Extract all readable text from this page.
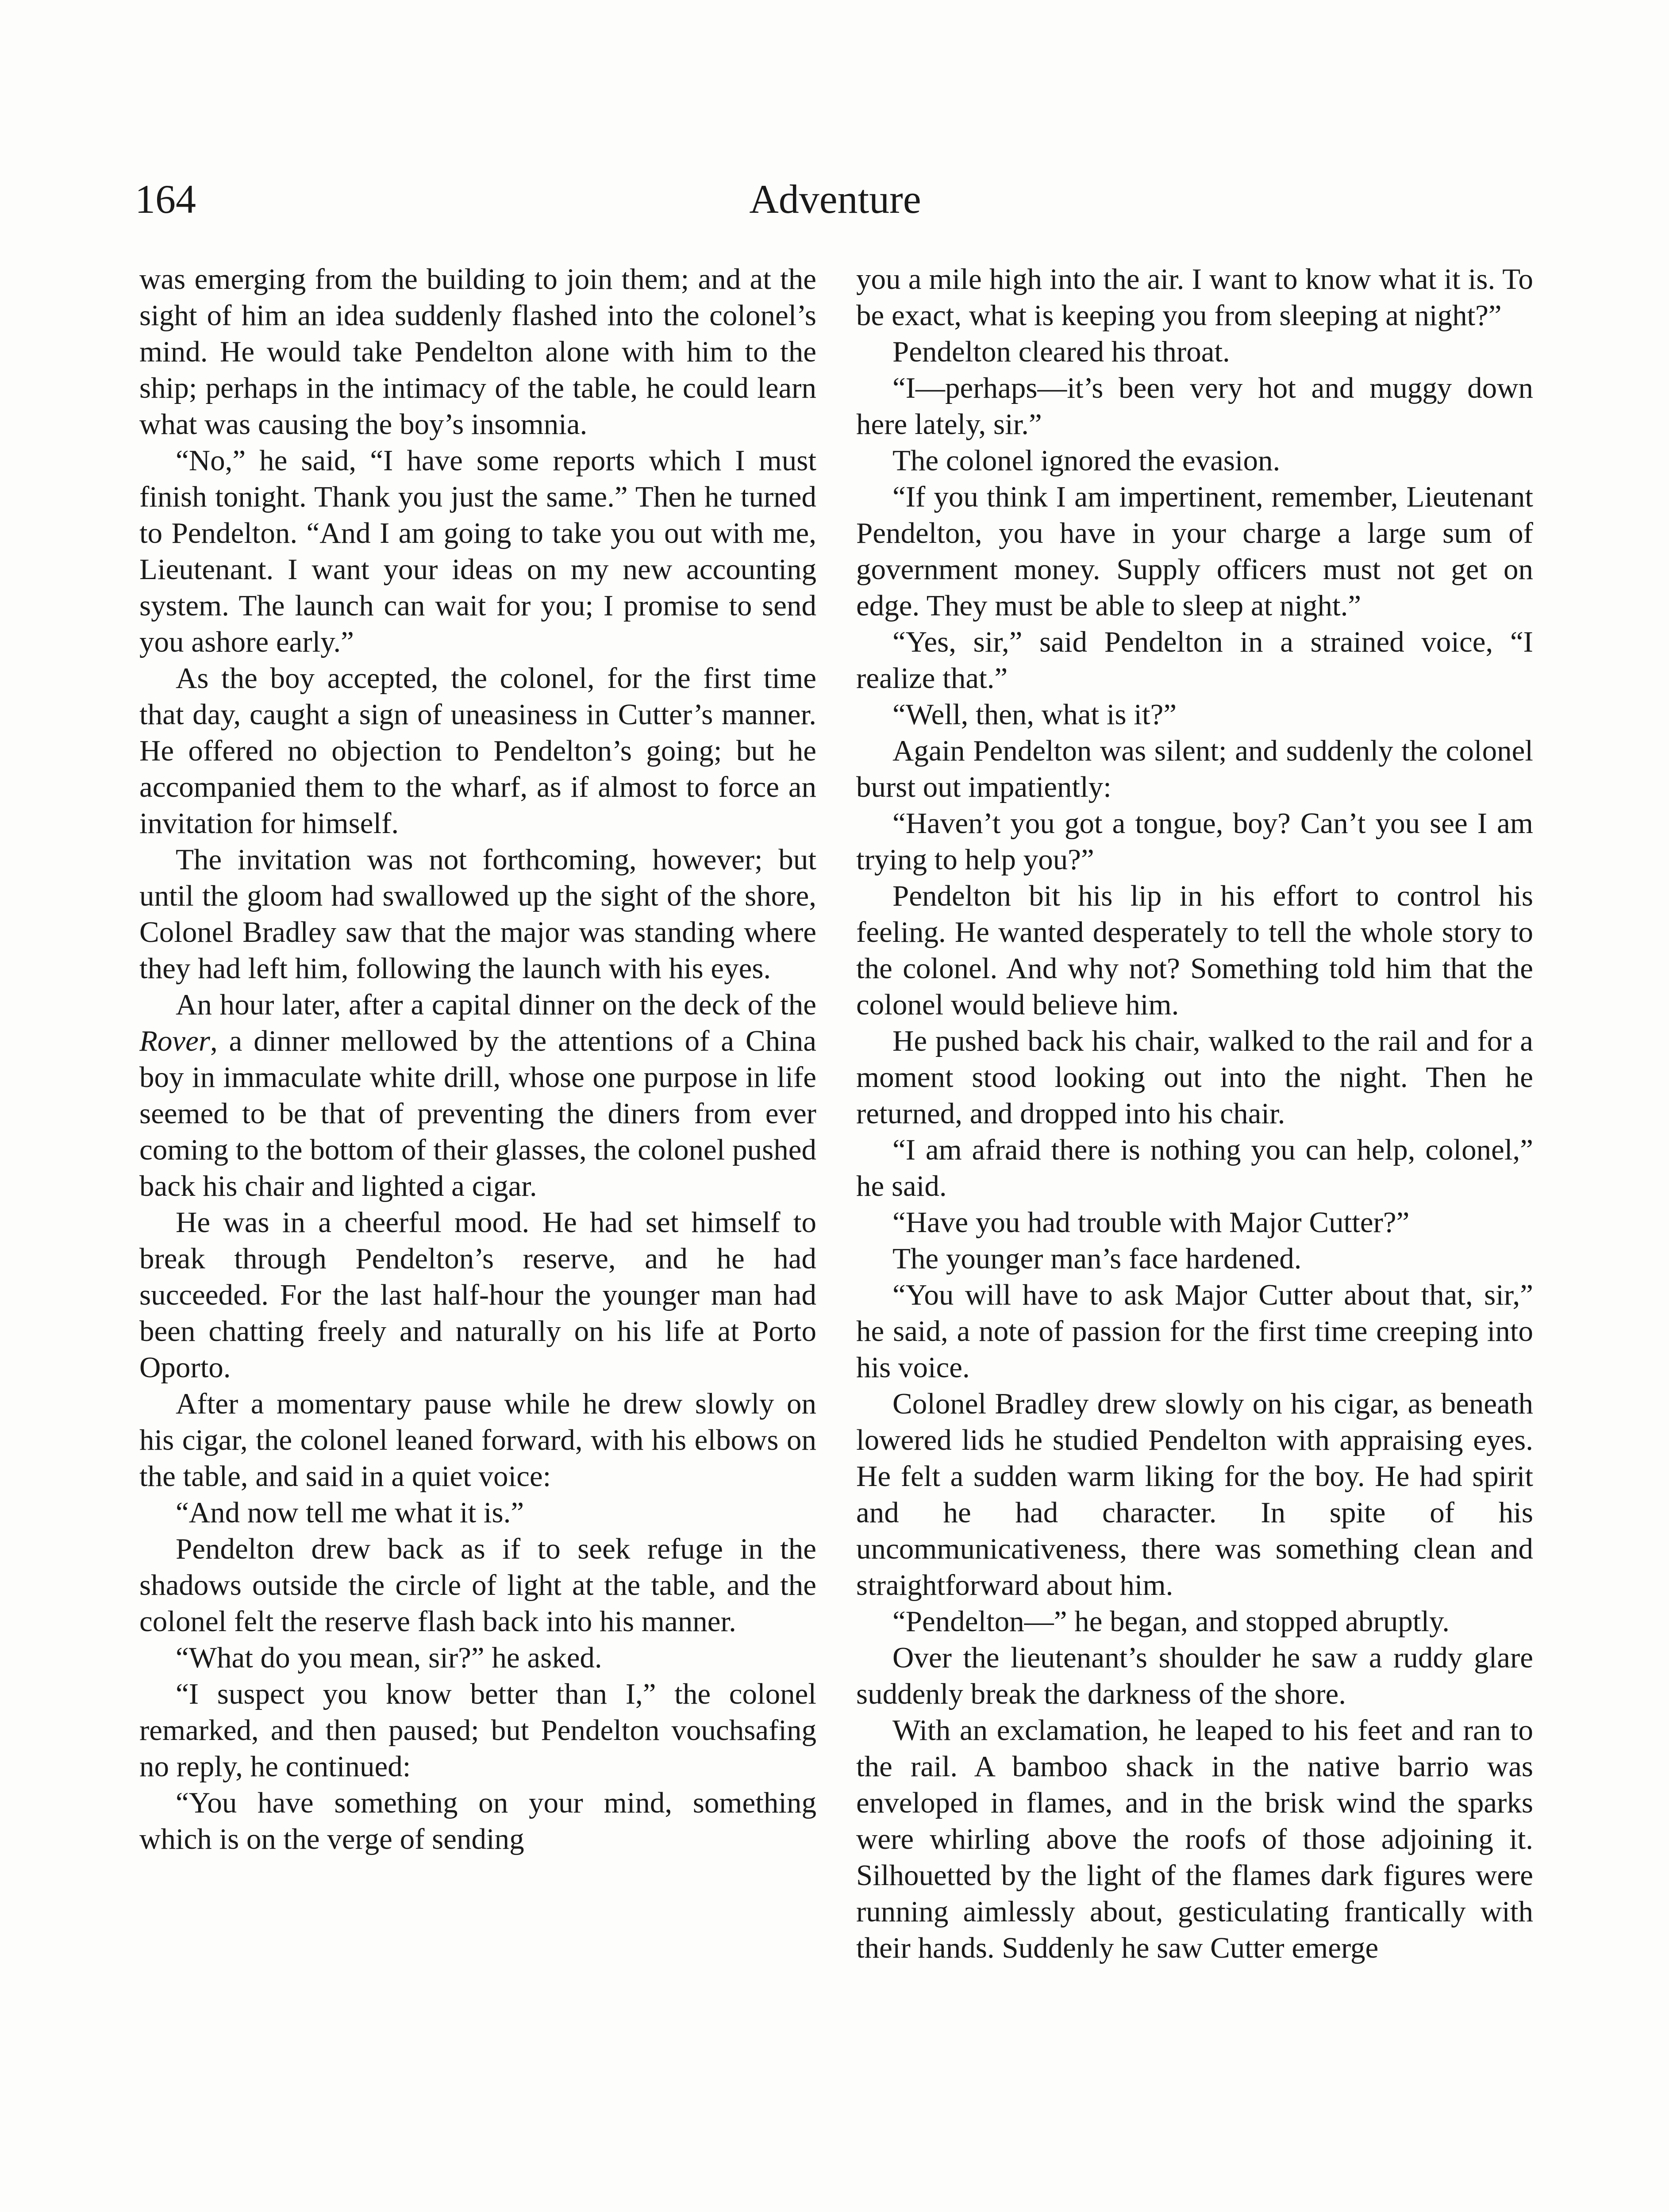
164	Adventure

was emerging from the building to join them; and at the sight of him an idea suddenly flashed into the colonel’s mind. He would take Pendelton alone with him to the ship; perhaps in the intimacy of the table, he could learn what was causing the boy’s insomnia.

“No,” he said, “I have some reports which I must finish tonight. Thank you just the same.” Then he turned to Pendelton. “And I am going to take you out with me, Lieutenant. I want your ideas on my new accounting system. The launch can wait for you; I promise to send you ashore early.”

As the boy accepted, the colonel, for the first time that day, caught a sign of uneasiness in Cutter’s manner. He offered no objection to Pendelton’s going; but he accompanied them to the wharf, as if almost to force an invitation for himself.

The invitation was not forthcoming, however; but until the gloom had swallowed up the sight of the shore, Colonel Bradley saw that the major was standing where they had left him, following the launch with his eyes.

An hour later, after a capital dinner on the deck of the Rover, a dinner mellowed by the attentions of a China boy in immaculate white drill, whose one purpose in life seemed to be that of preventing the diners from ever coming to the bottom of their glasses, the colonel pushed back his chair and lighted a cigar.

He was in a cheerful mood. He had set himself to break through Pendelton’s reserve, and he had succeeded. For the last half-hour the younger man had been chatting freely and naturally on his life at Porto Oporto.

After a momentary pause while he drew slowly on his cigar, the colonel leaned forward, with his elbows on the table, and said in a quiet voice:

“And now tell me what it is.”

Pendelton drew back as if to seek refuge in the shadows outside the circle of light at the table, and the colonel felt the reserve flash back into his manner.

“What do you mean, sir?” he asked.

“I suspect you know better than I,” the colonel remarked, and then paused; but Pendelton vouchsafing no reply, he continued:

“You have something on your mind, something which is on the verge of sending

you a mile high into the air. I want to know what it is. To be exact, what is keeping you from sleeping at night?”

Pendelton cleared his throat.

“I—perhaps—it’s been very hot and muggy down here lately, sir.”

The colonel ignored the evasion.

“If you think I am impertinent, remember, Lieutenant Pendelton, you have in your charge a large sum of government money. Supply officers must not get on edge. They must be able to sleep at night.”

“Yes, sir,” said Pendelton in a strained voice, “I realize that.”

“Well, then, what is it?”

Again Pendelton was silent; and suddenly the colonel burst out impatiently:

“Haven’t you got a tongue, boy? Can’t you see I am trying to help you?”

Pendelton bit his lip in his effort to control his feeling. He wanted desperately to tell the whole story to the colonel. And why not? Something told him that the colonel would believe him.

He pushed back his chair, walked to the rail and for a moment stood looking out into the night. Then he returned, and dropped into his chair.

“I am afraid there is nothing you can help, colonel,” he said.

“Have you had trouble with Major Cutter?”

The younger man’s face hardened.

“You will have to ask Major Cutter about that, sir,” he said, a note of passion for the first time creeping into his voice.

Colonel Bradley drew slowly on his cigar, as beneath lowered lids he studied Pendelton with appraising eyes. He felt a sudden warm liking for the boy. He had spirit and he had character. In spite of his uncommunicativeness, there was something clean and straightforward about him.

“Pendelton—” he began, and stopped abruptly.

Over the lieutenant’s shoulder he saw a ruddy glare suddenly break the darkness of the shore.

With an exclamation, he leaped to his feet and ran to the rail. A bamboo shack in the native barrio was enveloped in flames, and in the brisk wind the sparks were whirling above the roofs of those adjoining it. Silhouetted by the light of the flames dark figures were running aimlessly about, gesticulating frantically with their hands. Suddenly he saw Cutter emerge
